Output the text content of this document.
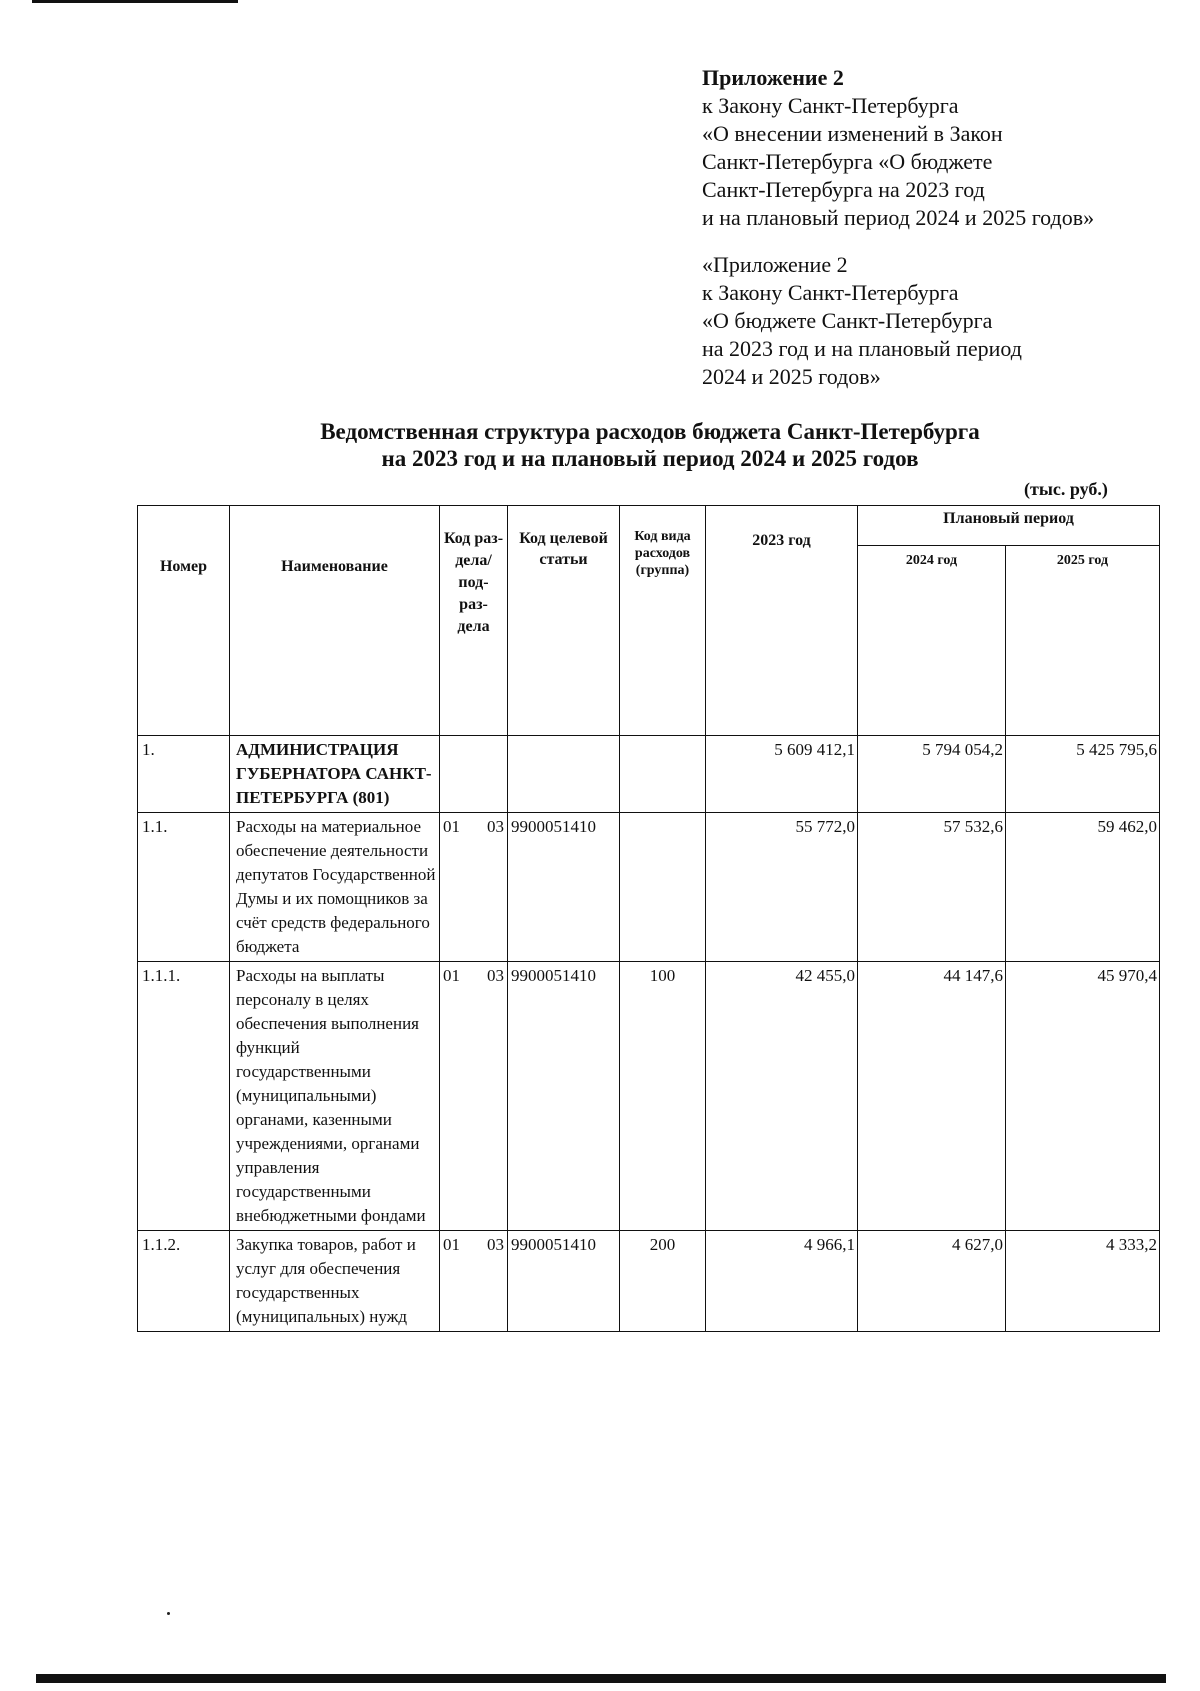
Приложение 2
к Закону Санкт-Петербурга
«О внесении изменений в Закон
Санкт-Петербурга «О бюджете
Санкт-Петербурга на 2023 год
и на плановый период 2024 и 2025 годов»
«Приложение 2
к Закону Санкт-Петербурга
«О бюджете Санкт-Петербурга
на 2023 год и на плановый период
2024 и 2025 годов»
Ведомственная структура расходов бюджета Санкт-Петербурга
на 2023 год и на плановый период 2024 и 2025 годов
(тыс. руб.)
Номер	Наименование	Код раз- дела/ под- раз- дела	Код целевой статьи	Код вида расходов (группа)	2023 год	Плановый период	
						2024 год	2025 год
1.	АДМИНИСТРАЦИЯ ГУБЕРНАТОРА САНКТ-ПЕТЕРБУРГА (801)				5 609 412,1	5 794 054,2	5 425 795,6
1.1.	Расходы на материальное обеспечение деятельности депутатов Государственной Думы и их помощников за счёт средств федерального бюджета	01 03	9900051410		55 772,0	57 532,6	59 462,0
1.1.1.	Расходы на выплаты персоналу в целях обеспечения выполнения функций государственными (муниципальными) органами, казенными учреждениями, органами управления государственными внебюджетными фондами	01 03	9900051410	100	42 455,0	44 147,6	45 970,4
1.1.2.	Закупка товаров, работ и услуг для обеспечения государственных (муниципальных) нужд	01 03	9900051410	200	4 966,1	4 627,0	4 333,2
